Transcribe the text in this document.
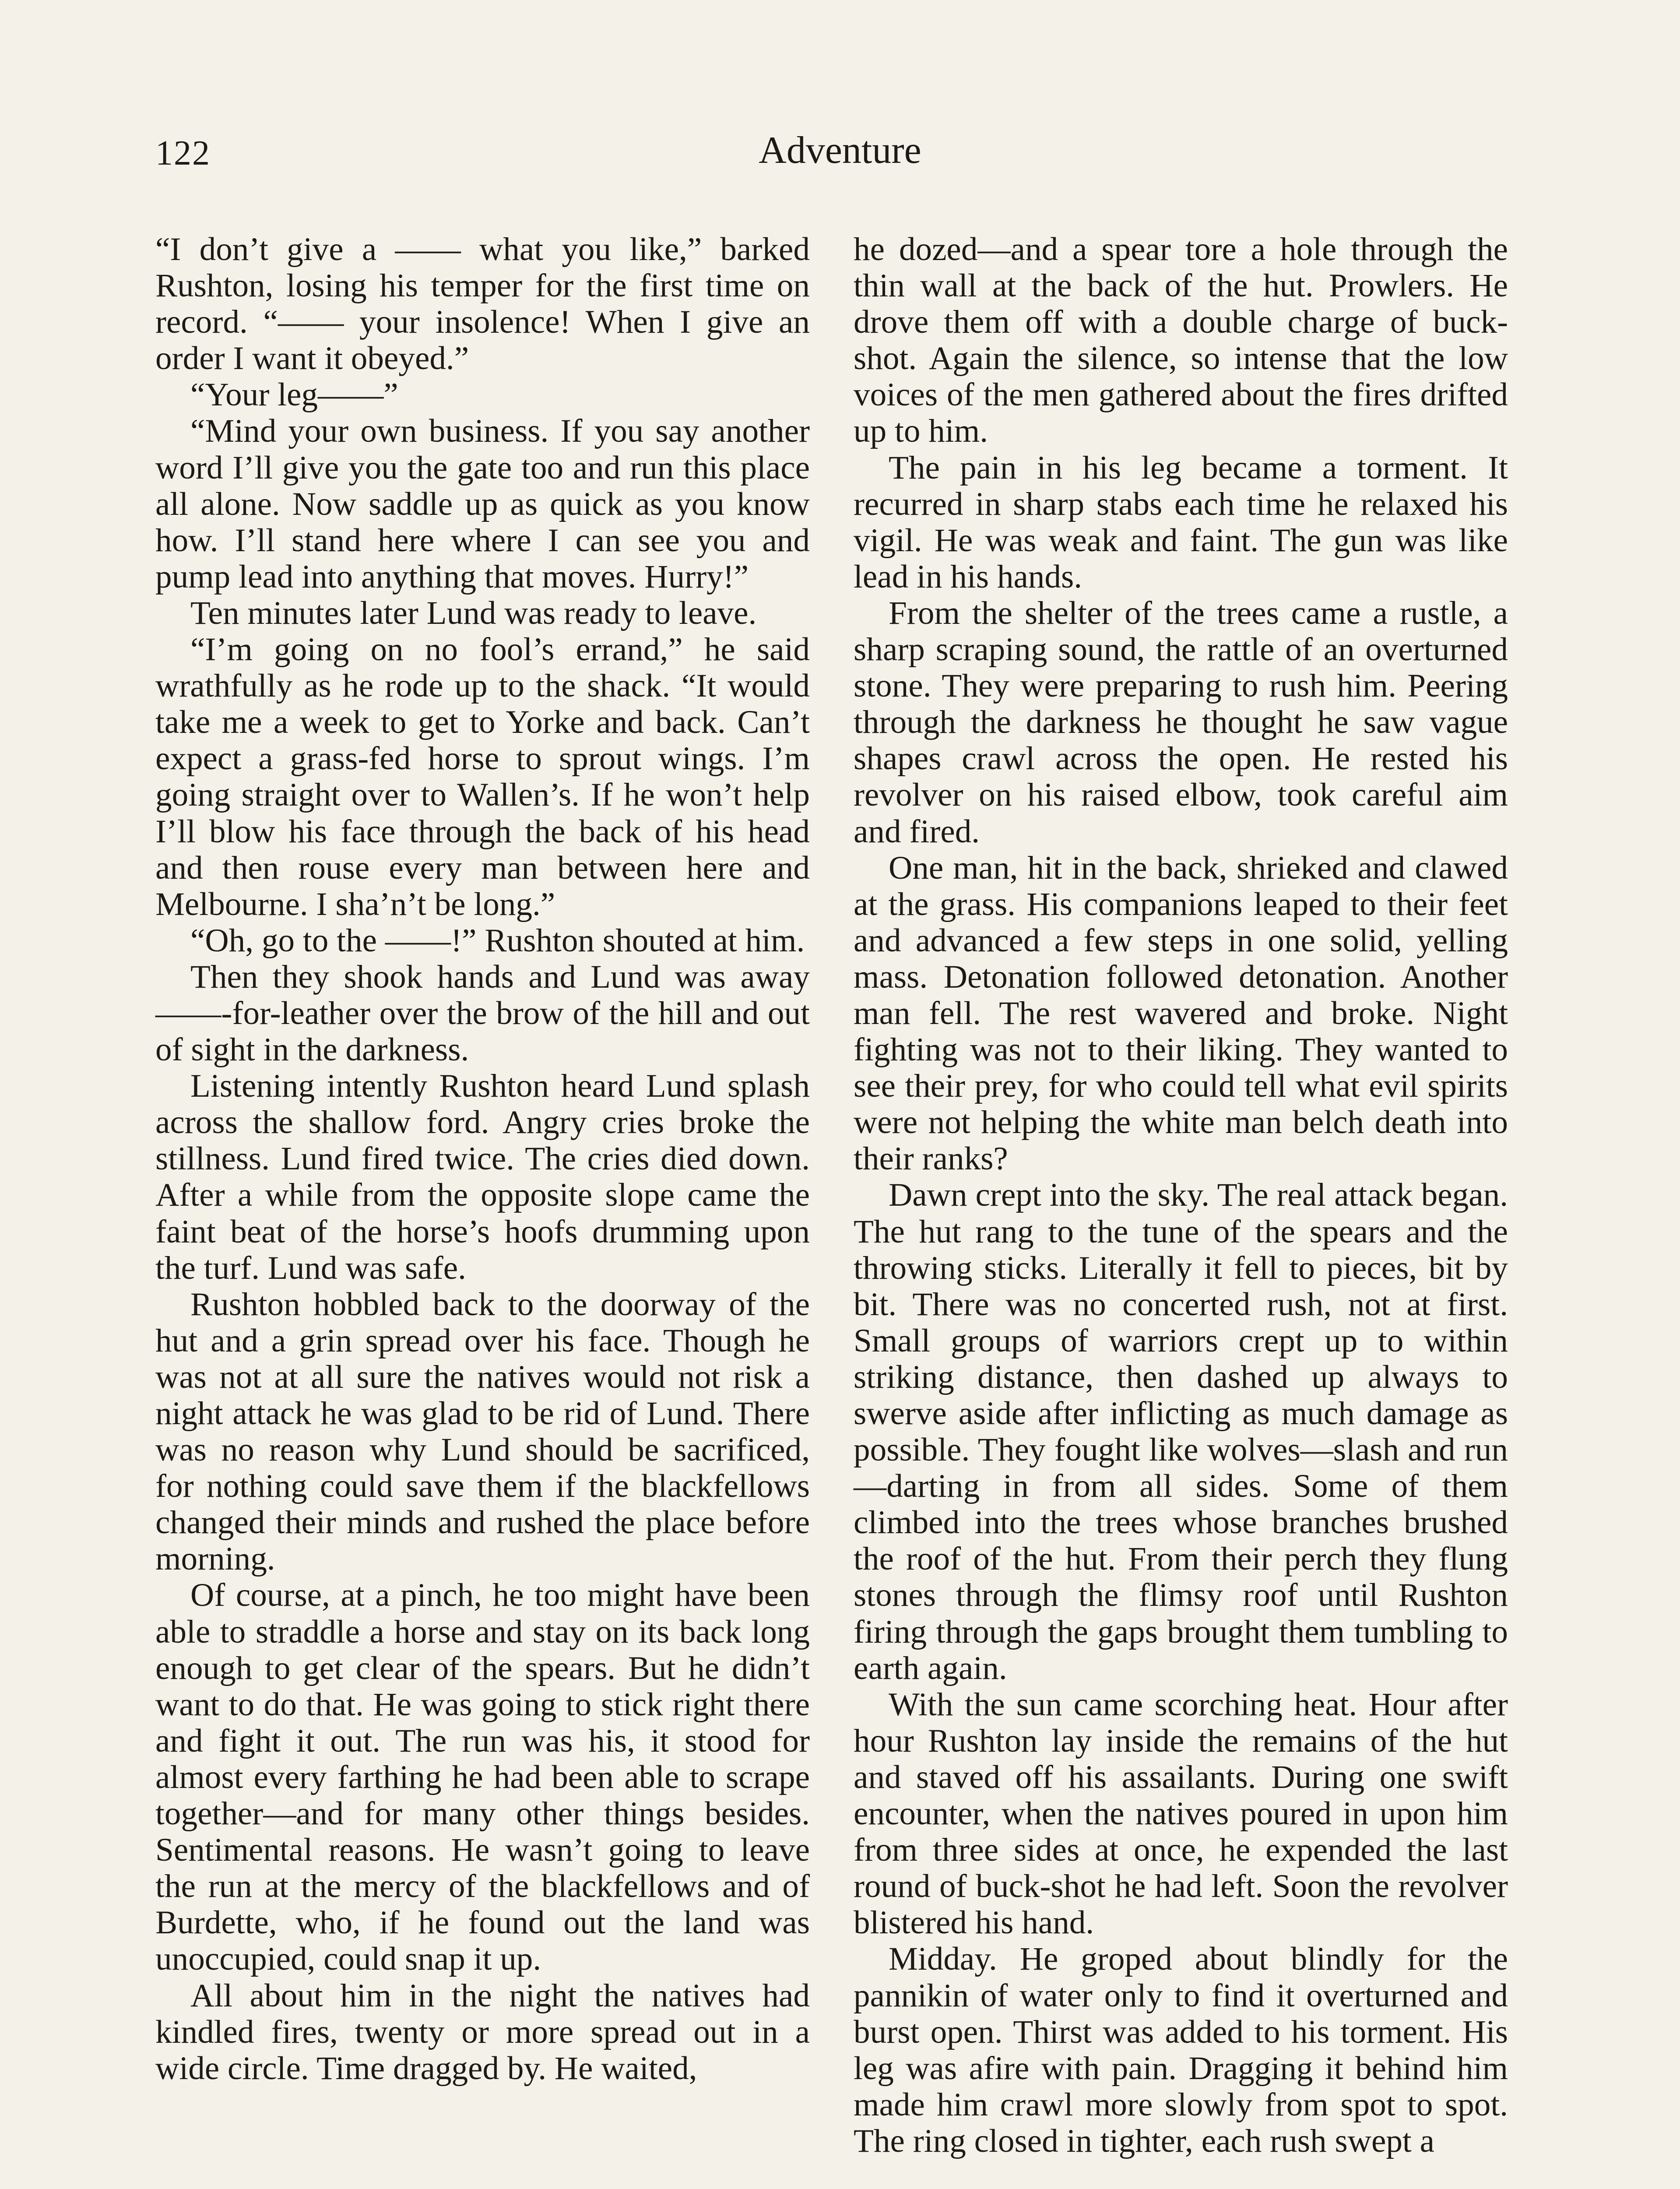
122	Adventure

“I don’t give a —— what you like,” barked Rushton, losing his temper for the first time on record. “—— your insolence! When I give an order I want it obeyed.”

“Your leg——”

“Mind your own business. If you say another word I’ll give you the gate too and run this place all alone. Now saddle up as quick as you know how. I’ll stand here where I can see you and pump lead into anything that moves. Hurry!”

Ten minutes later Lund was ready to leave.

“I’m going on no fool’s errand,” he said wrathfully as he rode up to the shack. “It would take me a week to get to Yorke and back. Can’t expect a grass-fed horse to sprout wings. I’m going straight over to Wallen’s. If he won’t help I’ll blow his face through the back of his head and then rouse every man between here and Melbourne. I sha’n’t be long.”

“Oh, go to the ——!” Rushton shouted at him.

Then they shook hands and Lund was away ——-for-leather over the brow of the hill and out of sight in the darkness.

Listening intently Rushton heard Lund splash across the shallow ford. Angry cries broke the stillness. Lund fired twice. The cries died down. After a while from the opposite slope came the faint beat of the horse’s hoofs drumming upon the turf. Lund was safe.

Rushton hobbled back to the doorway of the hut and a grin spread over his face. Though he was not at all sure the natives would not risk a night attack he was glad to be rid of Lund. There was no reason why Lund should be sacrificed, for nothing could save them if the blackfellows changed their minds and rushed the place before morning.

Of course, at a pinch, he too might have been able to straddle a horse and stay on its back long enough to get clear of the spears. But he didn’t want to do that. He was going to stick right there and fight it out. The run was his, it stood for almost every farthing he had been able to scrape together—and for many other things besides. Sentimental reasons. He wasn’t going to leave the run at the mercy of the blackfellows and of Burdette, who, if he found out the land was unoccupied, could snap it up.

All about him in the night the natives had kindled fires, twenty or more spread out in a wide circle. Time dragged by. He waited,

he dozed—and a spear tore a hole through the thin wall at the back of the hut. Prowlers. He drove them off with a double charge of buck-shot. Again the silence, so intense that the low voices of the men gathered about the fires drifted up to him.

The pain in his leg became a torment. It recurred in sharp stabs each time he relaxed his vigil. He was weak and faint. The gun was like lead in his hands.

From the shelter of the trees came a rustle, a sharp scraping sound, the rattle of an overturned stone. They were preparing to rush him. Peering through the darkness he thought he saw vague shapes crawl across the open. He rested his revolver on his raised elbow, took careful aim and fired.

One man, hit in the back, shrieked and clawed at the grass. His companions leaped to their feet and advanced a few steps in one solid, yelling mass. Detonation followed detonation. Another man fell. The rest wavered and broke. Night fighting was not to their liking. They wanted to see their prey, for who could tell what evil spirits were not helping the white man belch death into their ranks?

Dawn crept into the sky. The real attack began. The hut rang to the tune of the spears and the throwing sticks. Literally it fell to pieces, bit by bit. There was no concerted rush, not at first. Small groups of warriors crept up to within striking distance, then dashed up always to swerve aside after inflicting as much damage as possible. They fought like wolves—slash and run—darting in from all sides. Some of them climbed into the trees whose branches brushed the roof of the hut. From their perch they flung stones through the flimsy roof until Rushton firing through the gaps brought them tumbling to earth again.

With the sun came scorching heat. Hour after hour Rushton lay inside the remains of the hut and staved off his assailants. During one swift encounter, when the natives poured in upon him from three sides at once, he expended the last round of buck-shot he had left. Soon the revolver blistered his hand.

Midday. He groped about blindly for the pannikin of water only to find it overturned and burst open. Thirst was added to his torment. His leg was afire with pain. Dragging it behind him made him crawl more slowly from spot to spot. The ring closed in tighter, each rush swept a
